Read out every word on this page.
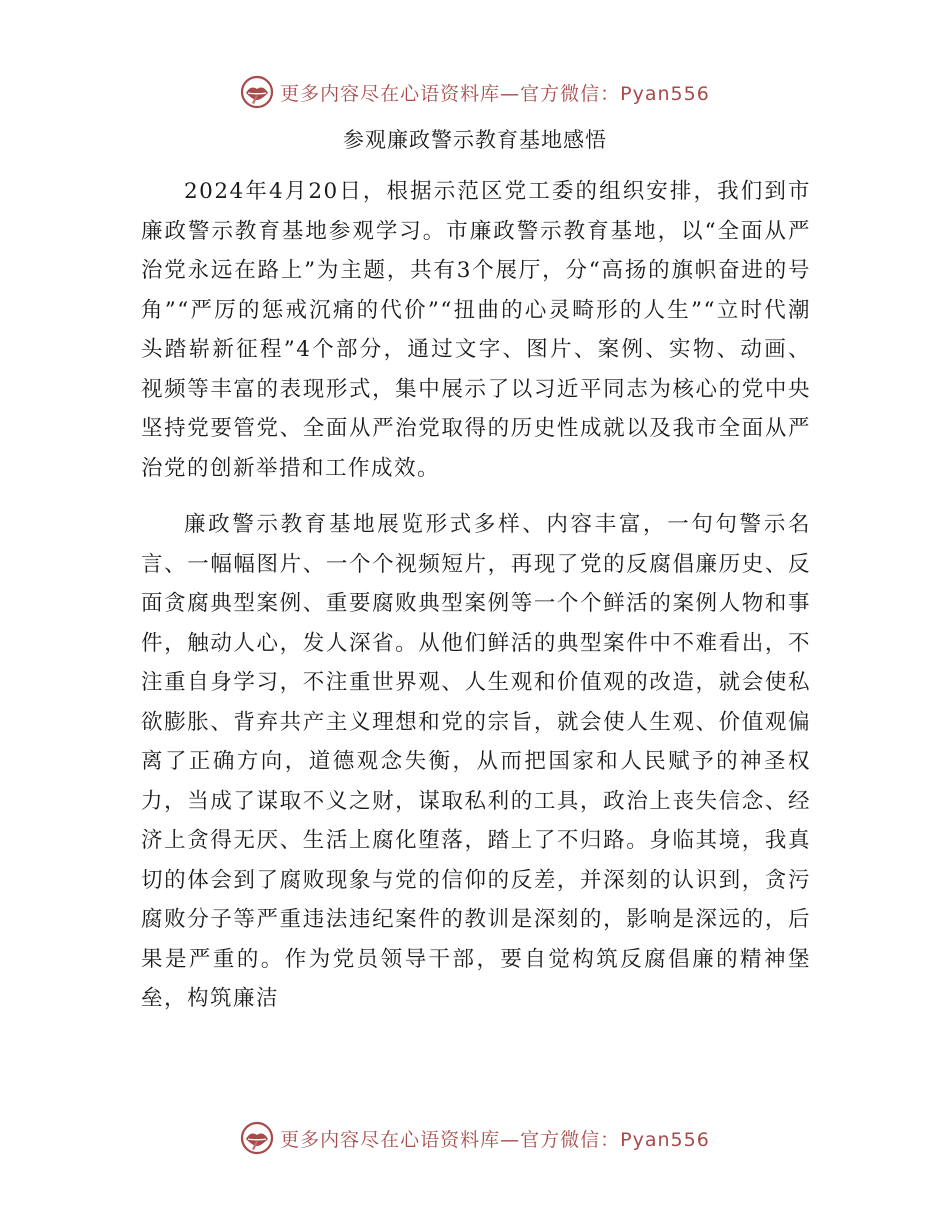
更多内容尽在心语资料库—官方微信：Pyan556
参观廉政警示教育基地感悟

2024年4月20日，根据示范区党工委的组织安排，我们到市廉政警示教育基地参观学习。市廉政警示教育基地，以“全面从严治党永远在路上”为主题，共有3个展厅，分“高扬的旗帜奋进的号角”“严厉的惩戒沉痛的代价”“扭曲的心灵畸形的人生”“立时代潮头踏崭新征程”4个部分，通过文字、图片、案例、实物、动画、视频等丰富的表现形式，集中展示了以习近平同志为核心的党中央坚持党要管党、全面从严治党取得的历史性成就以及我市全面从严治党的创新举措和工作成效。

廉政警示教育基地展览形式多样、内容丰富，一句句警示名言、一幅幅图片、一个个视频短片，再现了党的反腐倡廉历史、反面贪腐典型案例、重要腐败典型案例等一个个鲜活的案例人物和事件，触动人心，发人深省。从他们鲜活的典型案件中不难看出，不注重自身学习，不注重世界观、人生观和价值观的改造，就会使私欲膨胀、背弃共产主义理想和党的宗旨，就会使人生观、价值观偏离了正确方向，道德观念失衡，从而把国家和人民赋予的神圣权力，当成了谋取不义之财，谋取私利的工具，政治上丧失信念、经济上贪得无厌、生活上腐化堕落，踏上了不归路。身临其境，我真切的体会到了腐败现象与党的信仰的反差，并深刻的认识到，贪污腐败分子等严重违法违纪案件的教训是深刻的，影响是深远的，后果是严重的。作为党员领导干部，要自觉构筑反腐倡廉的精神堡垒，构筑廉洁

更多内容尽在心语资料库—官方微信：Pyan556
